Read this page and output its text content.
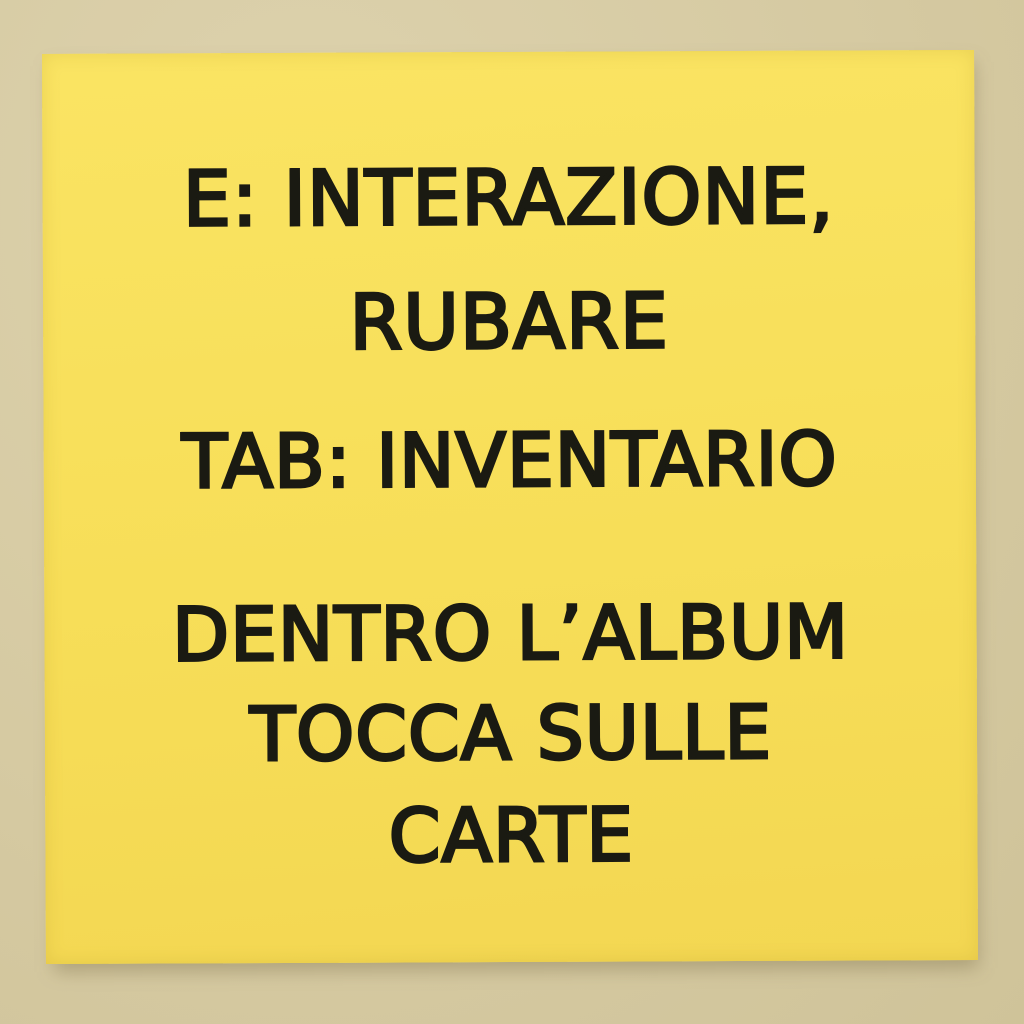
E: INTERAZIONE,
RUBARE
TAB: INVENTARIO
DENTRO L’ALBUM
TOCCA SULLE
CARTE
